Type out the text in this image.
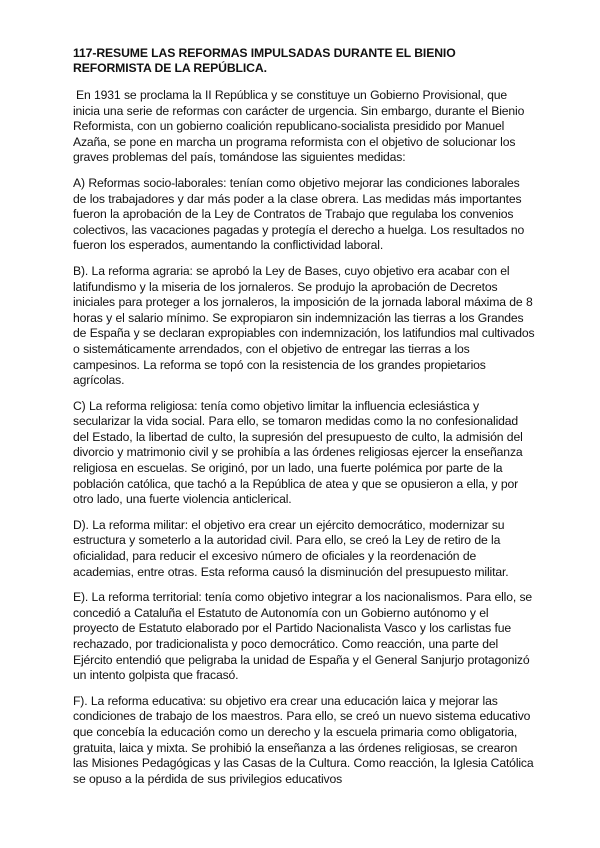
117-RESUME LAS REFORMAS IMPULSADAS DURANTE EL BIENIO REFORMISTA DE LA REPÚBLICA.

En 1931 se proclama la II República y se constituye un Gobierno Provisional, que inicia una serie de reformas con carácter de urgencia. Sin embargo, durante el Bienio Reformista, con un gobierno coalición republicano-socialista presidido por Manuel Azaña, se pone en marcha un programa reformista con el objetivo de solucionar los graves problemas del país, tomándose las siguientes medidas:

A) Reformas socio-laborales: tenían como objetivo mejorar las condiciones laborales de los trabajadores y dar más poder a la clase obrera. Las medidas más importantes fueron la aprobación de la Ley de Contratos de Trabajo que regulaba los convenios colectivos, las vacaciones pagadas y protegía el derecho a huelga. Los resultados no fueron los esperados, aumentando la conflictividad laboral.

B). La reforma agraria: se aprobó la Ley de Bases, cuyo objetivo era acabar con el latifundismo y la miseria de los jornaleros. Se produjo la aprobación de Decretos iniciales para proteger a los jornaleros, la imposición de la jornada laboral máxima de 8 horas y el salario mínimo. Se expropiaron sin indemnización las tierras a los Grandes de España y se declaran expropiables con indemnización, los latifundios mal cultivados o sistemáticamente arrendados, con el objetivo de entregar las tierras a los campesinos. La reforma se topó con la resistencia de los grandes propietarios agrícolas.

C) La reforma religiosa: tenía como objetivo limitar la influencia eclesiástica y secularizar la vida social. Para ello, se tomaron medidas como la no confesionalidad del Estado, la libertad de culto, la supresión del presupuesto de culto, la admisión del divorcio y matrimonio civil y se prohibía a las órdenes religiosas ejercer la enseñanza religiosa en escuelas. Se originó, por un lado, una fuerte polémica por parte de la población católica, que tachó a la República de atea y que se opusieron a ella, y por otro lado, una fuerte violencia anticlerical.

D). La reforma militar: el objetivo era crear un ejército democrático, modernizar su estructura y someterlo a la autoridad civil. Para ello, se creó la Ley de retiro de la oficialidad, para reducir el excesivo número de oficiales y la reordenación de academias, entre otras. Esta reforma causó la disminución del presupuesto militar.

E). La reforma territorial: tenía como objetivo integrar a los nacionalismos. Para ello, se concedió a Cataluña el Estatuto de Autonomía con un Gobierno autónomo y el proyecto de Estatuto elaborado por el Partido Nacionalista Vasco y los carlistas fue rechazado, por tradicionalista y poco democrático. Como reacción, una parte del Ejército entendió que peligraba la unidad de España y el General Sanjurjo protagonizó un intento golpista que fracasó.

F). La reforma educativa: su objetivo era crear una educación laica y mejorar las condiciones de trabajo de los maestros. Para ello, se creó un nuevo sistema educativo que concebía la educación como un derecho y la escuela primaria como obligatoria, gratuita, laica y mixta. Se prohibió la enseñanza a las órdenes religiosas, se crearon las Misiones Pedagógicas y las Casas de la Cultura. Como reacción, la Iglesia Católica se opuso a la pérdida de sus privilegios educativos
